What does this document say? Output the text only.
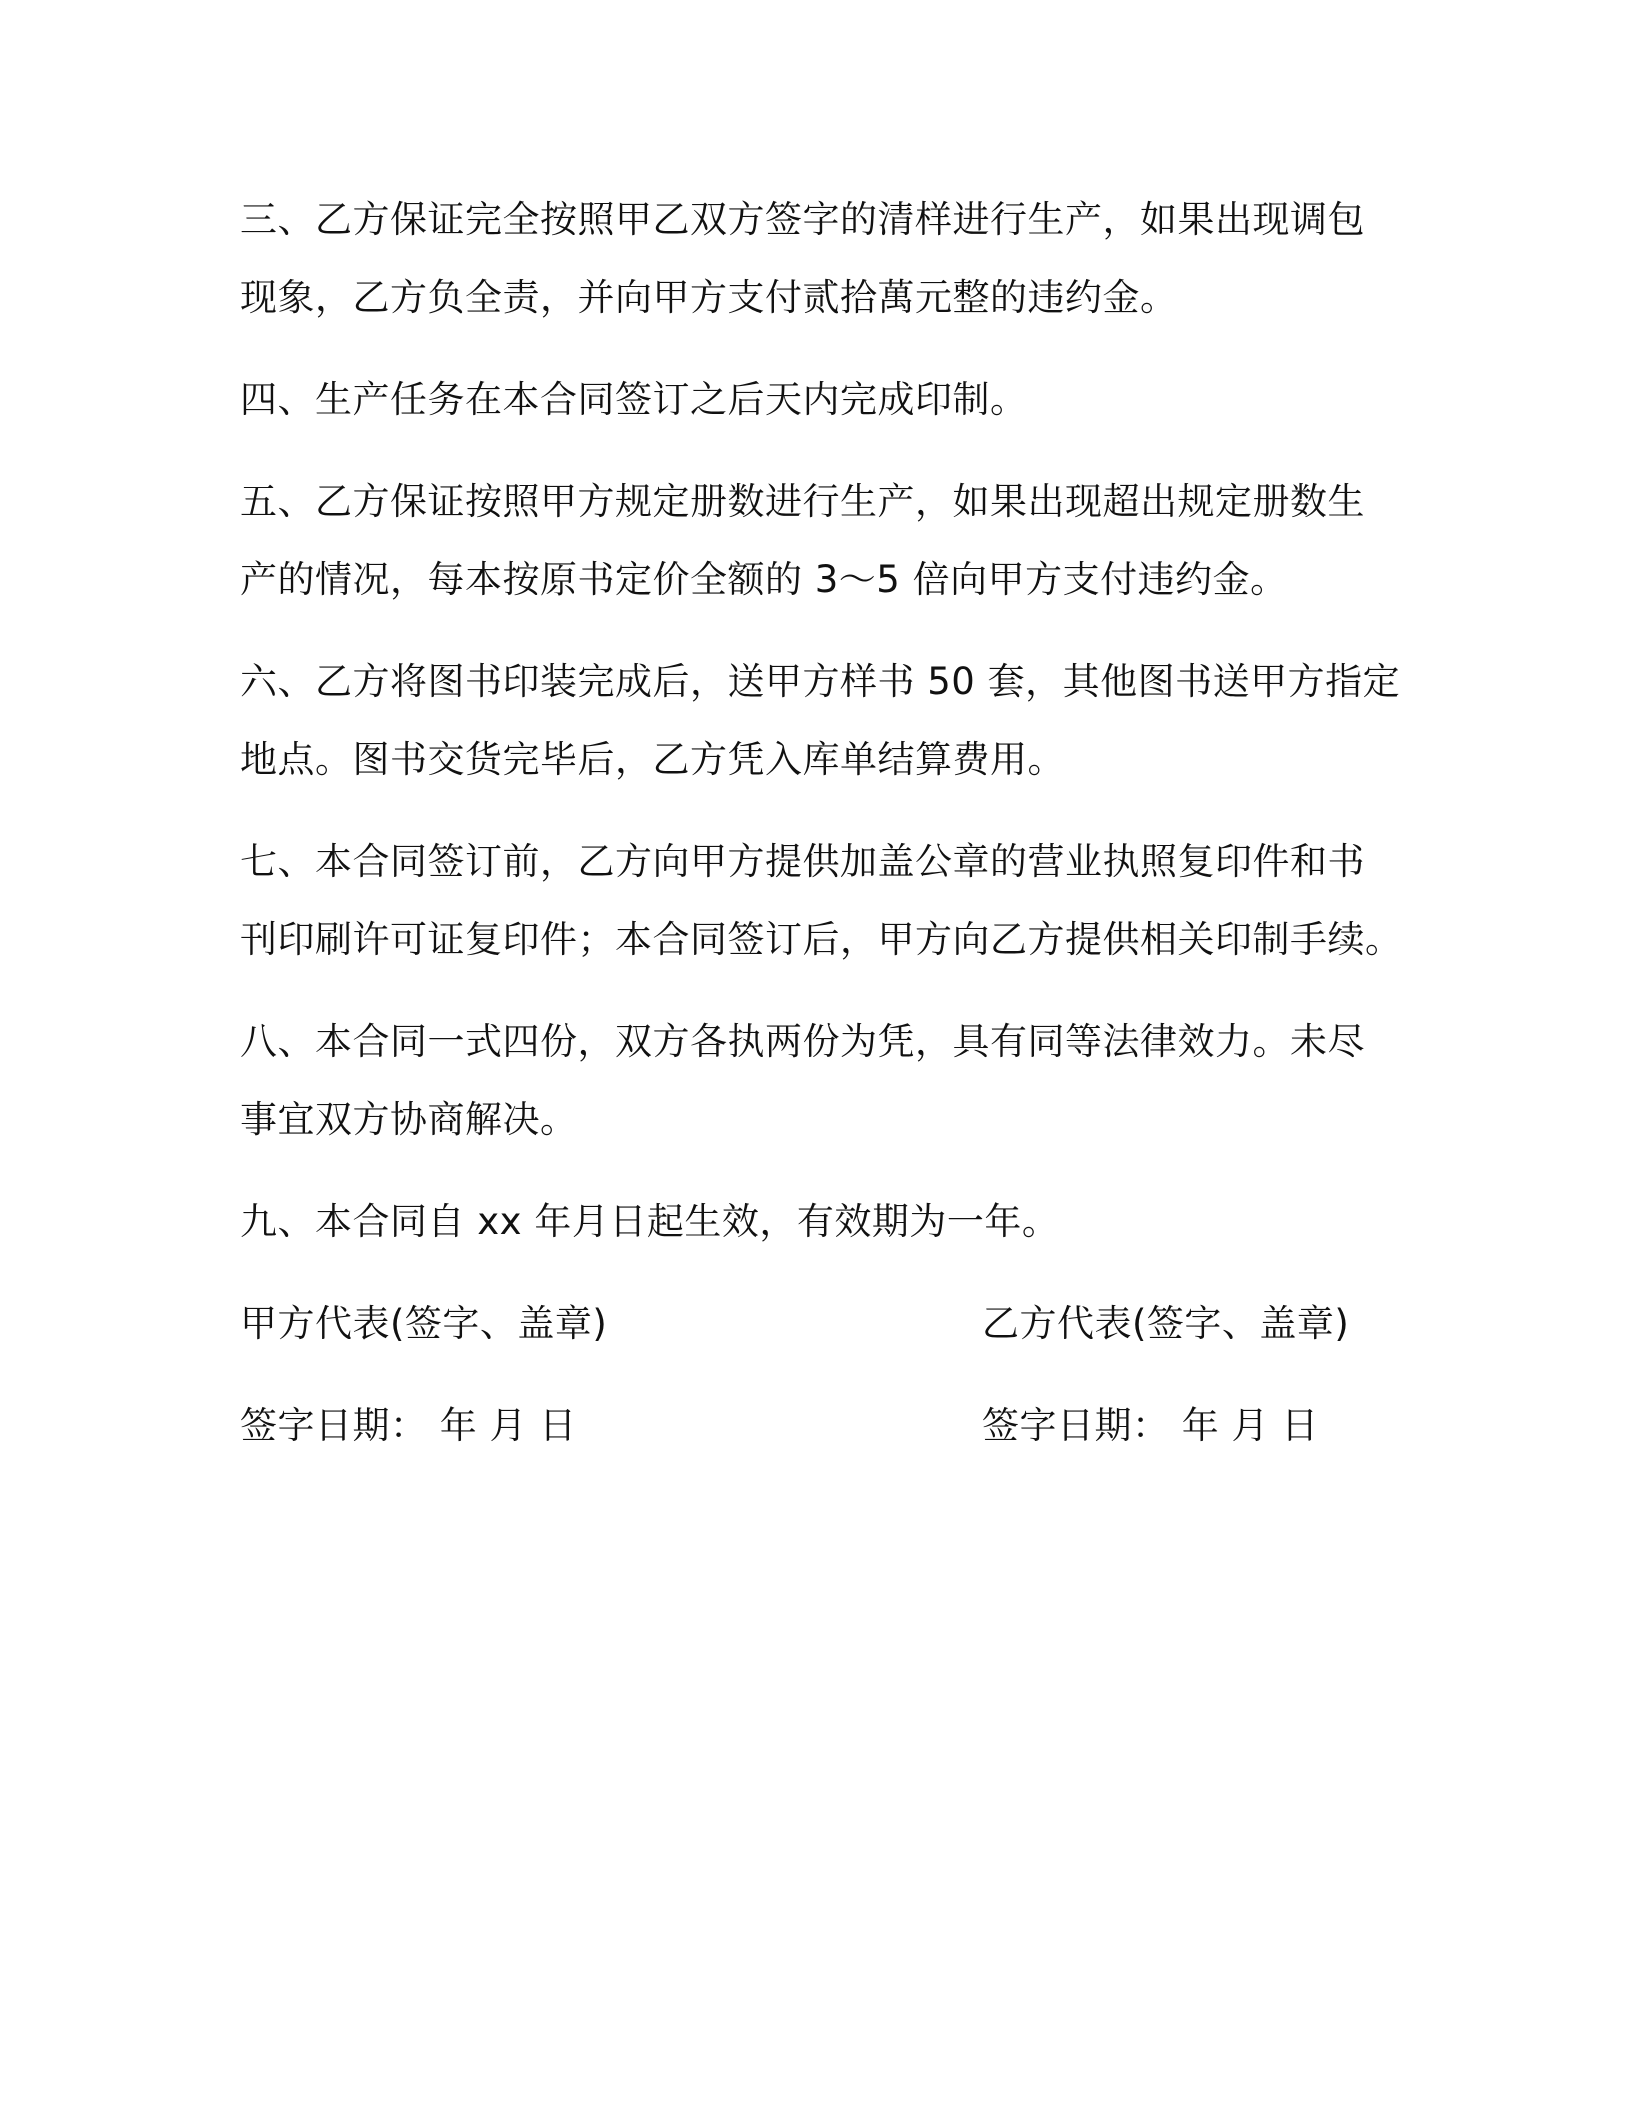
三、乙方保证完全按照甲乙双方签字的清样进行生产，如果出现调包
现象，乙方负全责，并向甲方支付贰拾萬元整的违约金。
四、生产任务在本合同签订之后天内完成印制。
五、乙方保证按照甲方规定册数进行生产，如果出现超出规定册数生
产的情况，每本按原书定价全额的 3～5 倍向甲方支付违约金。
六、乙方将图书印装完成后，送甲方样书 50 套，其他图书送甲方指定
地点。图书交货完毕后，乙方凭入库单结算费用。
七、本合同签订前，乙方向甲方提供加盖公章的营业执照复印件和书
刊印刷许可证复印件；本合同签订后，甲方向乙方提供相关印制手续。
八、本合同一式四份，双方各执两份为凭，具有同等法律效力。未尽
事宜双方协商解决。
九、本合同自 xx 年月日起生效，有效期为一年。
甲方代表(签字、盖章)	乙方代表(签字、盖章)
签字日期： 年 月 日	签字日期： 年 月 日
